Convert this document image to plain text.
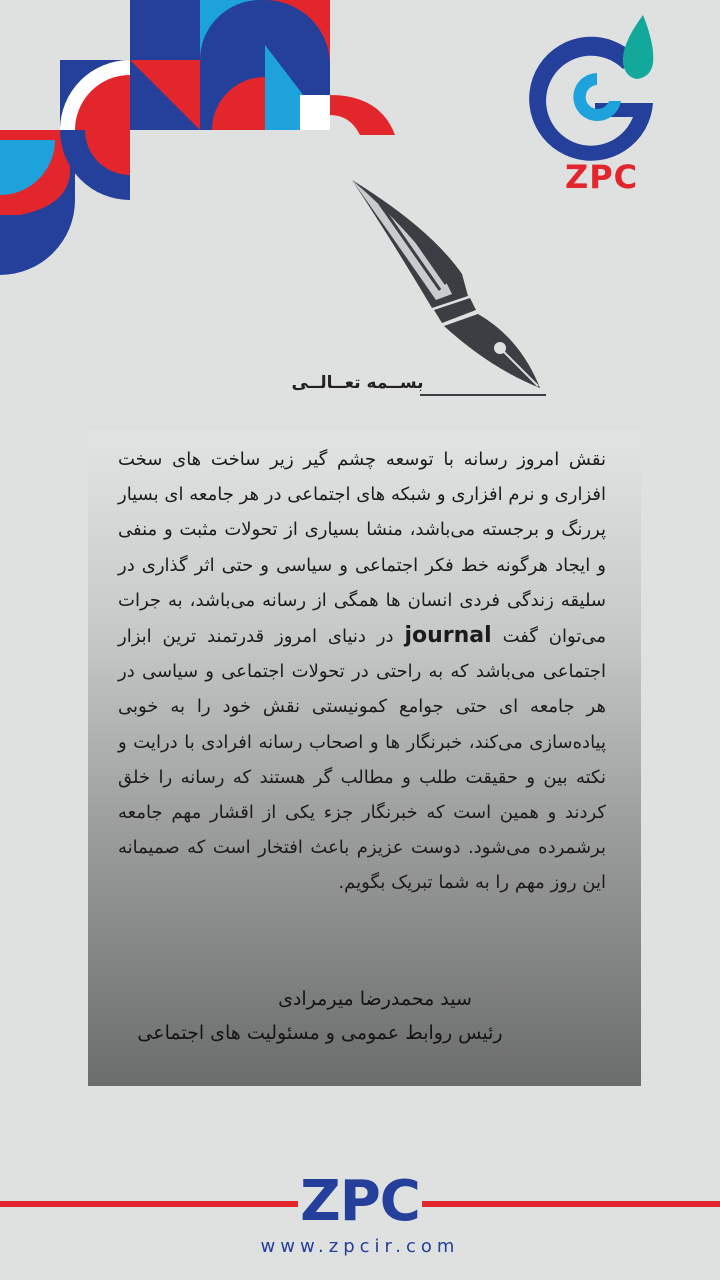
ZPC
بســمه تعــالــی
نقش امروز رسانه با توسعه چشم گیر زیر ساخت های سخت افزاری و نرم افزاری و شبکه های اجتماعی در هر جامعه ای بسیار پررنگ و برجسته می‌باشد، منشا بسیاری از تحولات مثبت و منفی و ایجاد هرگونه خط فکر اجتماعی و سیاسی و حتی اثر گذاری در سلیقه زندگی فردی انسان ها همگی از رسانه می‌باشد، به جرات می‌توان گفت journal در دنیای امروز قدرتمند ترین ابزار اجتماعی می‌باشد که به راحتی در تحولات اجتماعی و سیاسی در هر جامعه ای حتی جوامع کمونیستی نقش خود را به خوبی پیاده‌سازی می‌کند، خبرنگار ها و اصحاب رسانه افرادی با درایت و نکته بین و حقیقت طلب و مطالب گر هستند که رسانه را خلق کردند و همین است که خبرنگار جزء یکی از اقشار مهم جامعه برشمرده می‌شود. دوست عزیزم باعث افتخار است که صمیمانه این روز مهم را به شما تبریک بگویم.
سید محمدرضا میرمرادی
رئیس روابط عمومی و مسئولیت های اجتماعی
ZPC
www.zpcir.com
